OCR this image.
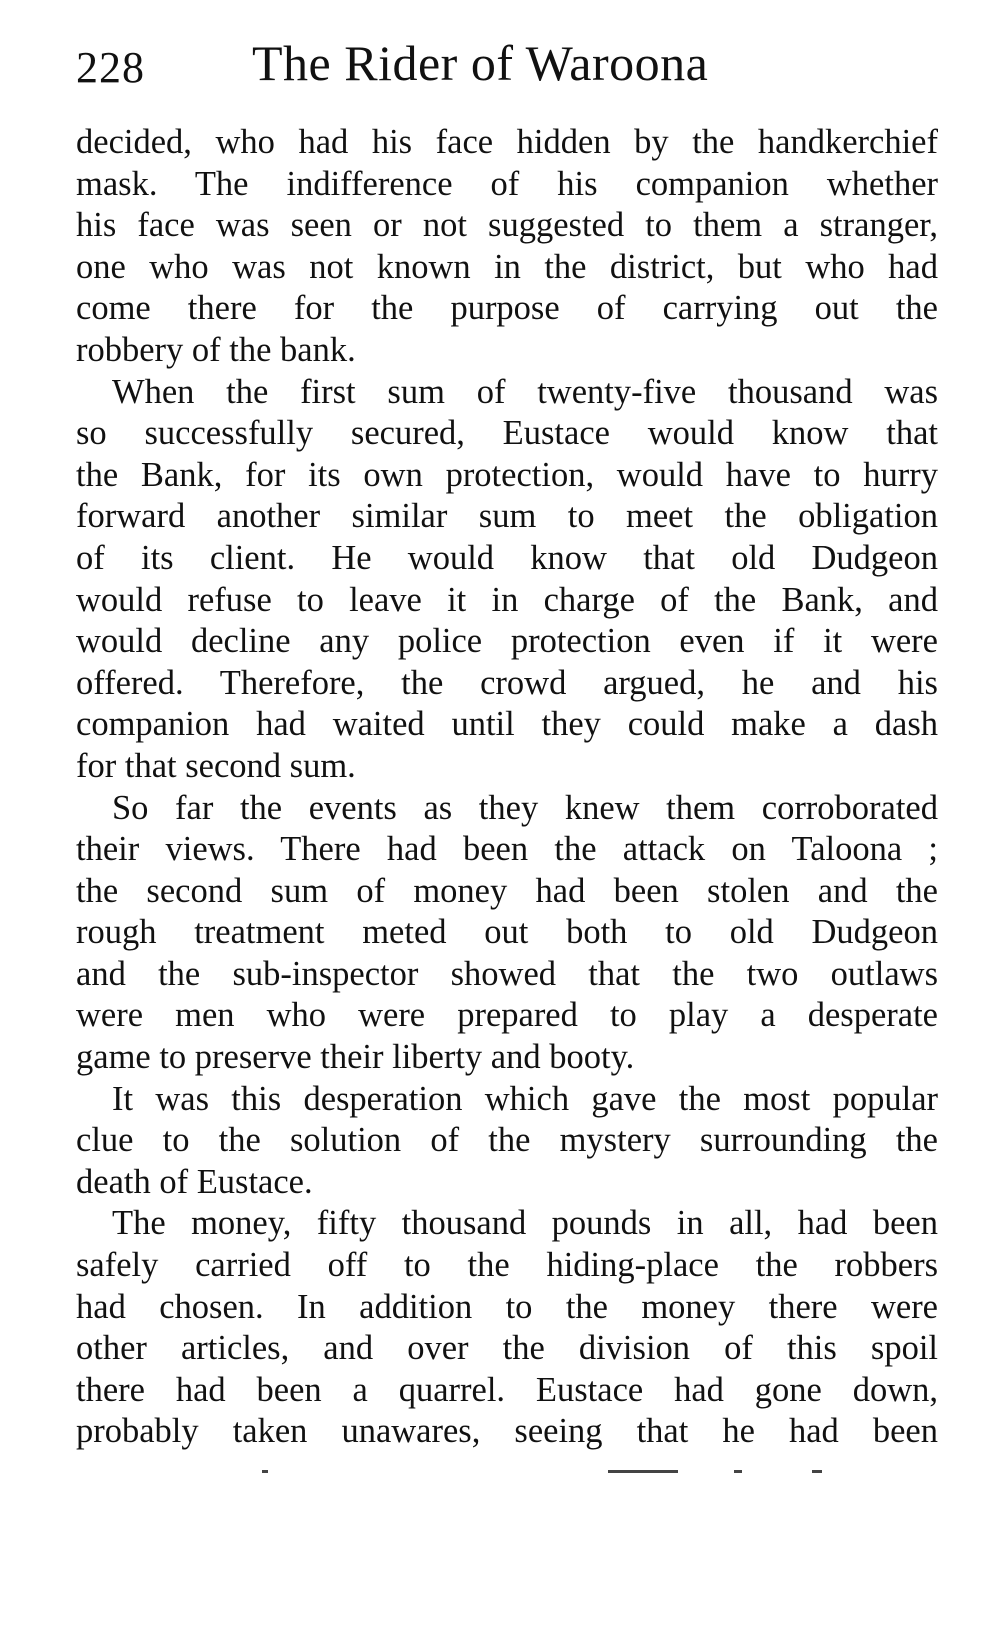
228 The Rider of Waroona
decided, who had his face hidden by the handkerchief
mask. The indifference of his companion whether
his face was seen or not suggested to them a stranger,
one who was not known in the district, but who had
come there for the purpose of carrying out the
robbery of the bank.
When the first sum of twenty-five thousand was
so successfully secured, Eustace would know that
the Bank, for its own protection, would have to hurry
forward another similar sum to meet the obligation
of its client. He would know that old Dudgeon
would refuse to leave it in charge of the Bank, and
would decline any police protection even if it were
offered. Therefore, the crowd argued, he and his
companion had waited until they could make a dash
for that second sum.
So far the events as they knew them corroborated
their views. There had been the attack on Taloona ;
the second sum of money had been stolen and the
rough treatment meted out both to old Dudgeon
and the sub-inspector showed that the two outlaws
were men who were prepared to play a desperate
game to preserve their liberty and booty.
It was this desperation which gave the most popular
clue to the solution of the mystery surrounding the
death of Eustace.
The money, fifty thousand pounds in all, had been
safely carried off to the hiding-place the robbers
had chosen. In addition to the money there were
other articles, and over the division of this spoil
there had been a quarrel. Eustace had gone down,
probably taken unawares, seeing that he had been
